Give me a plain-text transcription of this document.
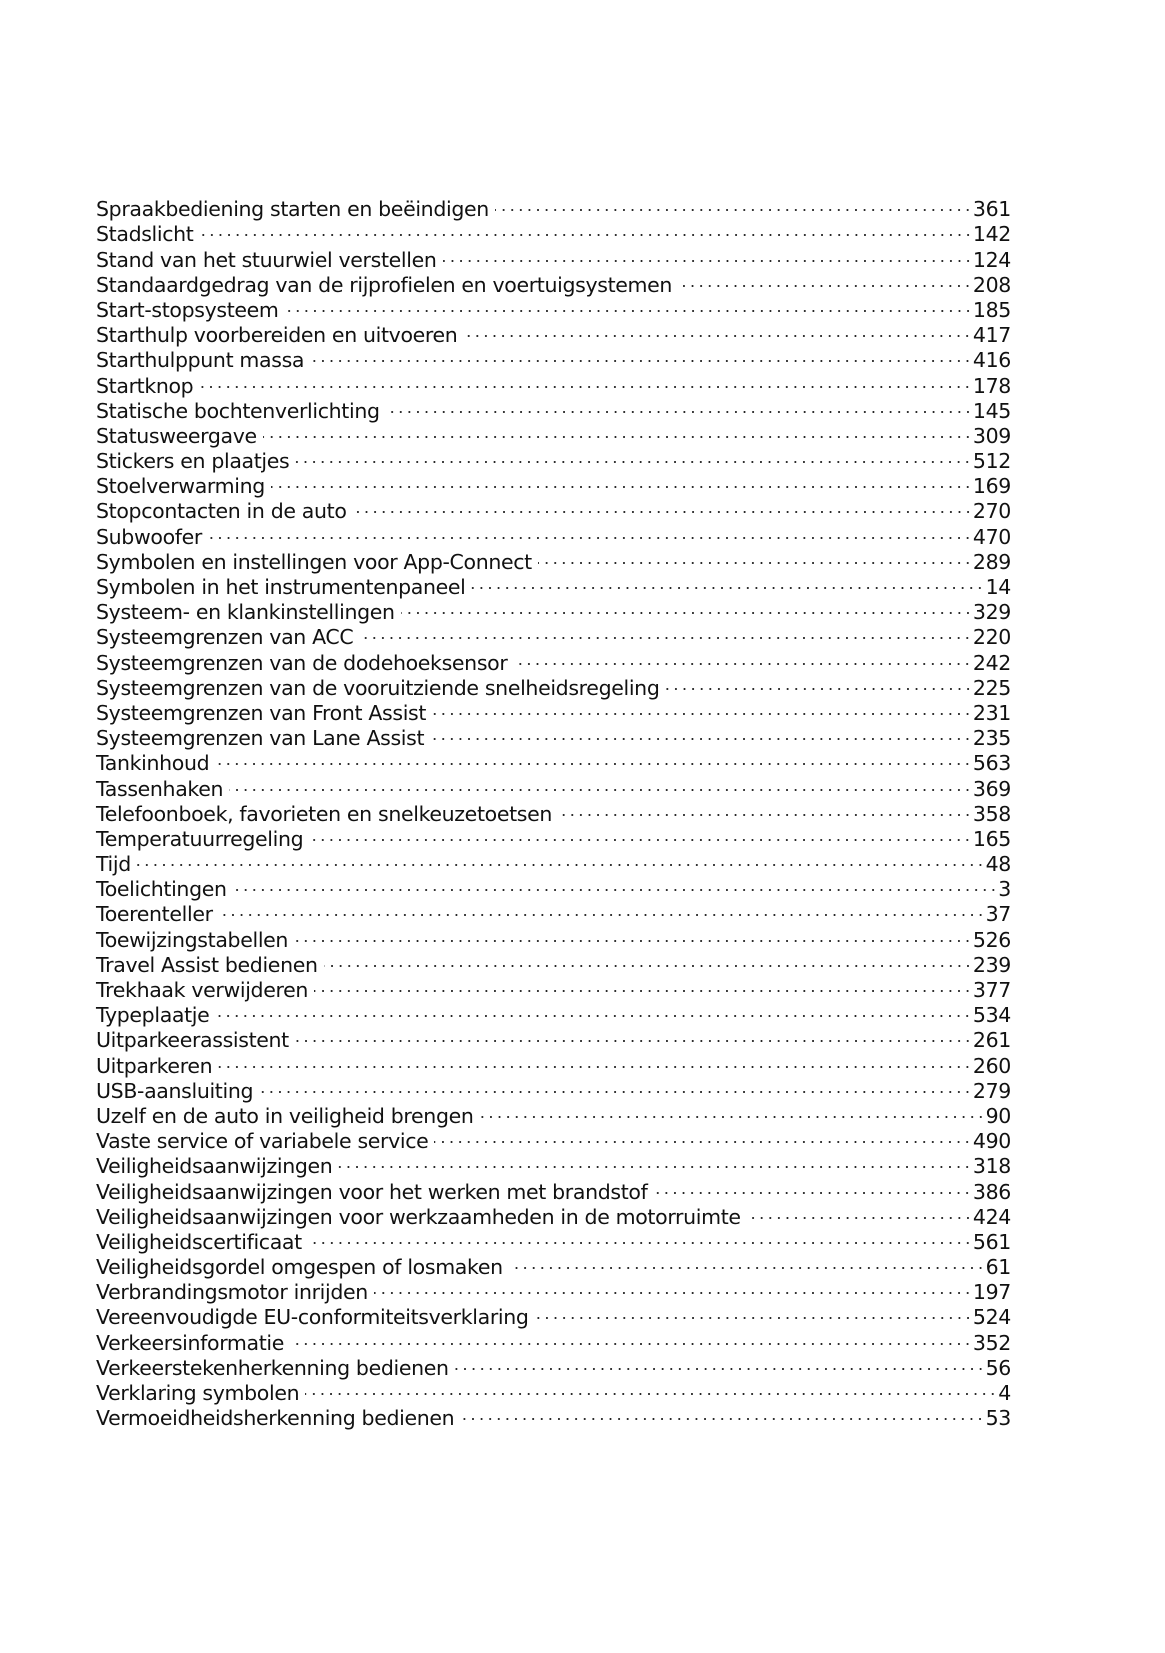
Spraakbediening starten en beëindigen	361
Stadslicht	142
Stand van het stuurwiel verstellen	124
Standaardgedrag van de rijprofielen en voertuigsystemen	208
Start-stopsysteem	185
Starthulp voorbereiden en uitvoeren	417
Starthulppunt massa	416
Startknop	178
Statische bochtenverlichting	145
Statusweergave	309
Stickers en plaatjes	512
Stoelverwarming	169
Stopcontacten in de auto	270
Subwoofer	470
Symbolen en instellingen voor App-Connect	289
Symbolen in het instrumentenpaneel	14
Systeem- en klankinstellingen	329
Systeemgrenzen van ACC	220
Systeemgrenzen van de dodehoeksensor	242
Systeemgrenzen van de vooruitziende snelheidsregeling	225
Systeemgrenzen van Front Assist	231
Systeemgrenzen van Lane Assist	235
Tankinhoud	563
Tassenhaken	369
Telefoonboek, favorieten en snelkeuzetoetsen	358
Temperatuurregeling	165
Tijd	48
Toelichtingen	3
Toerenteller	37
Toewijzingstabellen	526
Travel Assist bedienen	239
Trekhaak verwijderen	377
Typeplaatje	534
Uitparkeerassistent	261
Uitparkeren	260
USB-aansluiting	279
Uzelf en de auto in veiligheid brengen	90
Vaste service of variabele service	490
Veiligheidsaanwijzingen	318
Veiligheidsaanwijzingen voor het werken met brandstof	386
Veiligheidsaanwijzingen voor werkzaamheden in de motorruimte	424
Veiligheidscertificaat	561
Veiligheidsgordel omgespen of losmaken	61
Verbrandingsmotor inrijden	197
Vereenvoudigde EU-conformiteitsverklaring	524
Verkeersinformatie	352
Verkeerstekenherkenning bedienen	56
Verklaring symbolen	4
Vermoeidheidsherkenning bedienen	53
